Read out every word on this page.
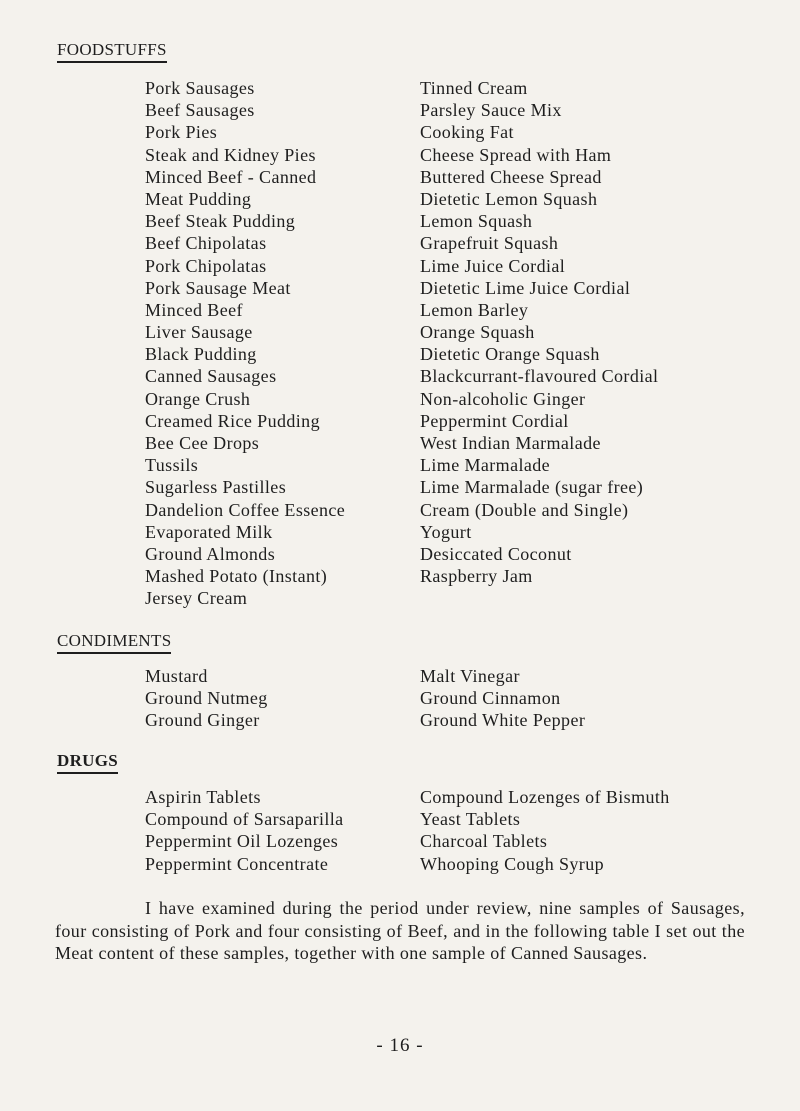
FOODSTUFFS
Pork Sausages
Beef Sausages
Pork Pies
Steak and Kidney Pies
Minced Beef - Canned
Meat Pudding
Beef Steak Pudding
Beef Chipolatas
Pork Chipolatas
Pork Sausage Meat
Minced Beef
Liver Sausage
Black Pudding
Canned Sausages
Orange Crush
Creamed Rice Pudding
Bee Cee Drops
Tussils
Sugarless Pastilles
Dandelion Coffee Essence
Evaporated Milk
Ground Almonds
Mashed Potato (Instant)
Jersey Cream
Tinned Cream
Parsley Sauce Mix
Cooking Fat
Cheese Spread with Ham
Buttered Cheese Spread
Dietetic Lemon Squash
Lemon Squash
Grapefruit Squash
Lime Juice Cordial
Dietetic Lime Juice Cordial
Lemon Barley
Orange Squash
Dietetic Orange Squash
Blackcurrant-flavoured Cordial
Non-alcoholic Ginger
Peppermint Cordial
West Indian Marmalade
Lime Marmalade
Lime Marmalade (sugar free)
Cream (Double and Single)
Yogurt
Desiccated Coconut
Raspberry Jam
CONDIMENTS
Mustard
Ground Nutmeg
Ground Ginger
Malt Vinegar
Ground Cinnamon
Ground White Pepper
DRUGS
Aspirin Tablets
Compound of Sarsaparilla
Peppermint Oil Lozenges
Peppermint Concentrate
Compound Lozenges of Bismuth
Yeast Tablets
Charcoal Tablets
Whooping Cough Syrup

I have examined during the period under review, nine samples of Sausages, four consisting of Pork and four consisting of Beef, and in the following table I set out the Meat content of these samples, together with one sample of Canned Sausages.

- 16 -
